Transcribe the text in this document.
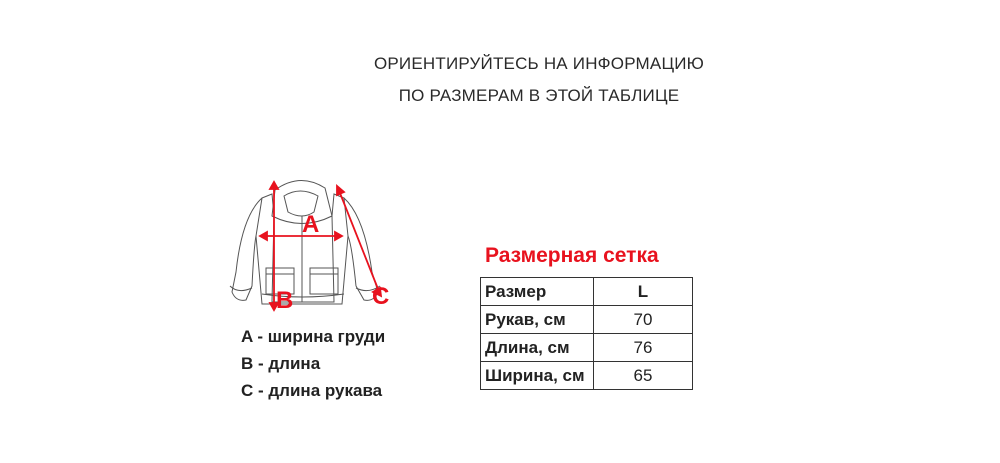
ОРИЕНТИРУЙТЕСЬ НА ИНФОРМАЦИЮ
ПО РАЗМЕРАМ В ЭТОЙ ТАБЛИЦЕ
A
B	C
A - ширина груди
B - длина
C - длина рукава
Размерная сетка
Размер	L
Рукав, см	70
Длина, см	76
Ширина, см	65
